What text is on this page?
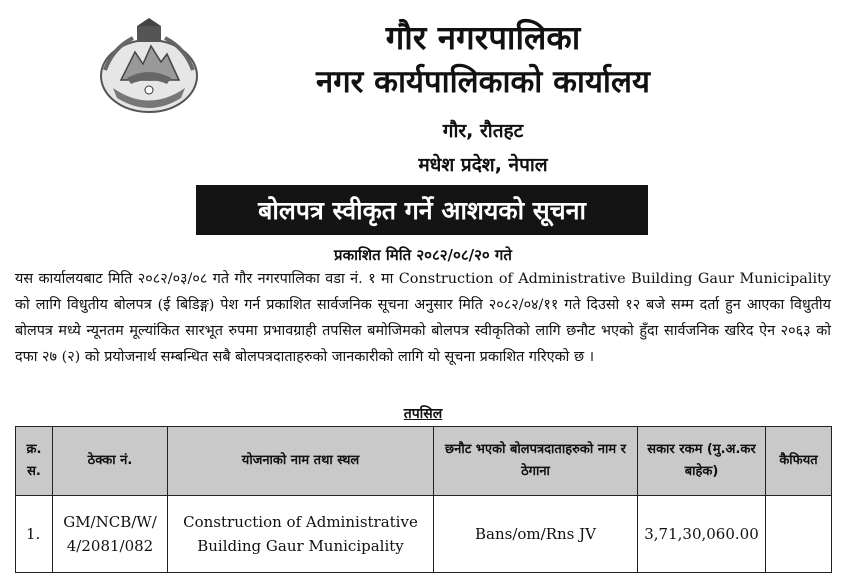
गौर नगरपालिका
नगर कार्यपालिकाको कार्यालय
गौर, रौतहट
मधेश प्रदेश, नेपाल
बोलपत्र स्वीकृत गर्ने आशयको सूचना
प्रकाशित मिति २०८२/०८/२० गते
यस कार्यालयबाट मिति २०८२/०३/०८ गते गौर नगरपालिका वडा नं. १ मा Construction of Administrative Building Gaur Municipality को लागि विधुतीय बोलपत्र (ई बिडिङ्ग) पेश गर्न प्रकाशित सार्वजनिक सूचना अनुसार मिति २०८२/०४/११ गते दिउसो १२ बजे सम्म दर्ता हुन आएका विधुतीय बोलपत्र मध्ये न्यूनतम मूल्यांकित सारभूत रुपमा प्रभावग्राही तपसिल बमोजिमको बोलपत्र स्वीकृतिको लागि छनौट भएको हुँदा सार्वजनिक खरिद ऐन २०६३ को दफा २७ (२) को प्रयोजनार्थ सम्बन्धित सबै बोलपत्रदाताहरुको जानकारीको लागि यो सूचना प्रकाशित गरिएको छ ।
तपसिल
क्र. स.	ठेक्का नं.	योजनाको नाम तथा स्थल	छनौट भएको बोलपत्रदाताहरुको नाम र ठेगाना	सकार रकम (मु.अ.कर बाहेक)	कैफियत
1.	GM/NCB/W/ 4/2081/082	Construction of Administrative Building Gaur Municipality	Bans/om/Rns JV	3,71,30,060.00	
